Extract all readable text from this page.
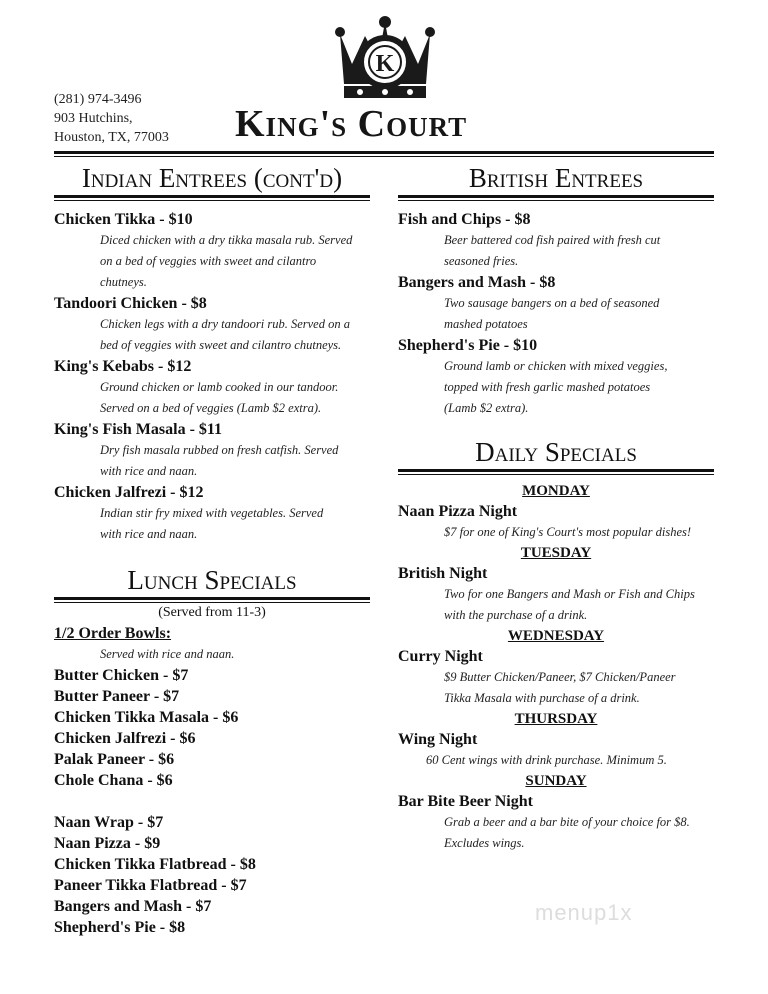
K
(281) 974-3496
903 Hutchins,
Houston, TX, 77003 King's Court
Indian Entrees (cont'd)
Chicken Tikka - $10
Diced chicken with a dry tikka masala rub. Served
on a bed of veggies with sweet and cilantro
chutneys.
Tandoori Chicken - $8
Chicken legs with a dry tandoori rub. Served on a
bed of veggies with sweet and cilantro chutneys.
King's Kebabs - $12
Ground chicken or lamb cooked in our tandoor.
Served on a bed of veggies (Lamb $2 extra).
King's Fish Masala - $11
Dry fish masala rubbed on fresh catfish. Served
with rice and naan.
Chicken Jalfrezi - $12
Indian stir fry mixed with vegetables. Served
with rice and naan.
Lunch Specials
(Served from 11-3)
1/2 Order Bowls:
Served with rice and naan.
Butter Chicken - $7
Butter Paneer - $7
Chicken Tikka Masala - $6
Chicken Jalfrezi - $6
Palak Paneer - $6
Chole Chana - $6
Naan Wrap - $7
Naan Pizza - $9
Chicken Tikka Flatbread - $8
Paneer Tikka Flatbread - $7
Bangers and Mash - $7
Shepherd's Pie - $8
British Entrees
Fish and Chips - $8
Beer battered cod fish paired with fresh cut
seasoned fries.
Bangers and Mash - $8
Two sausage bangers on a bed of seasoned
mashed potatoes
Shepherd's Pie - $10
Ground lamb or chicken with mixed veggies,
topped with fresh garlic mashed potatoes
(Lamb $2 extra).
Daily Specials
MONDAY
Naan Pizza Night
$7 for one of King's Court's most popular dishes!
TUESDAY
British Night
Two for one Bangers and Mash or Fish and Chips
with the purchase of a drink.
WEDNESDAY
Curry Night
$9 Butter Chicken/Paneer, $7 Chicken/Paneer
Tikka Masala with purchase of a drink.
THURSDAY
Wing Night
60 Cent wings with drink purchase. Minimum 5.
SUNDAY
Bar Bite Beer Night
Grab a beer and a bar bite of your choice for $8.
Excludes wings.
menup1x
